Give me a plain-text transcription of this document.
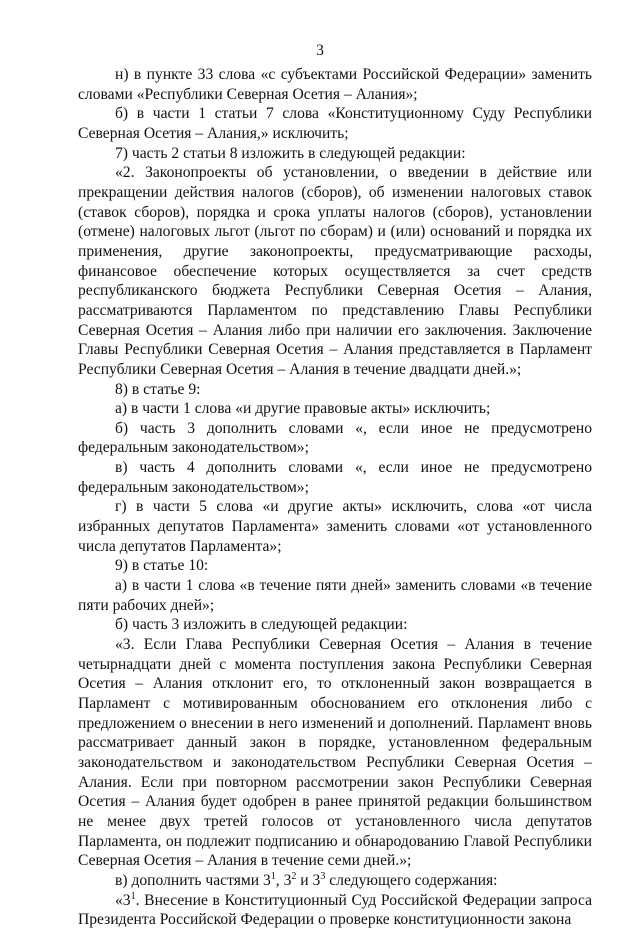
3

н) в пункте 33 слова «с субъектами Российской Федерации» заменить словами «Республики Северная Осетия – Алания»;

б) в части 1 статьи 7 слова «Конституционному Суду Республики Северная Осетия – Алания,» исключить;

7) часть 2 статьи 8 изложить в следующей редакции:

«2. Законопроекты об установлении, о введении в действие или прекращении действия налогов (сборов), об изменении налоговых ставок (ставок сборов), порядка и срока уплаты налогов (сборов), установлении (отмене) налоговых льгот (льгот по сборам) и (или) оснований и порядка их применения, другие законопроекты, предусматривающие расходы, финансовое обеспечение которых осуществляется за счет средств республиканского бюджета Республики Северная Осетия – Алания, рассматриваются Парламентом по представлению Главы Республики Северная Осетия – Алания либо при наличии его заключения. Заключение Главы Республики Северная Осетия – Алания представляется в Парламент Республики Северная Осетия – Алания в течение двадцати дней.»;

8) в статье 9:

а) в части 1 слова «и другие правовые акты» исключить;

б) часть 3 дополнить словами «, если иное не предусмотрено федеральным законодательством»;

в) часть 4 дополнить словами «, если иное не предусмотрено федеральным законодательством»;

г) в части 5 слова «и другие акты» исключить, слова «от числа избранных депутатов Парламента» заменить словами «от установленного числа депутатов Парламента»;

9) в статье 10:

а) в части 1 слова «в течение пяти дней» заменить словами «в течение пяти рабочих дней»;

б) часть 3 изложить в следующей редакции:

«3. Если Глава Республики Северная Осетия – Алания в течение четырнадцати дней с момента поступления закона Республики Северная Осетия – Алания отклонит его, то отклоненный закон возвращается в Парламент с мотивированным обоснованием его отклонения либо с предложением о внесении в него изменений и дополнений. Парламент вновь рассматривает данный закон в порядке, установленном федеральным законодательством и законодательством Республики Северная Осетия – Алания. Если при повторном рассмотрении закон Республики Северная Осетия – Алания будет одобрен в ранее принятой редакции большинством не менее двух третей голосов от установленного числа депутатов Парламента, он подлежит подписанию и обнародованию Главой Республики Северная Осетия – Алания в течение семи дней.»;

в) дополнить частями $3^1$, $3^2$ и $3^3$ следующего содержания:

«$3^1$. Внесение в Конституционный Суд Российской Федерации запроса Президента Российской Федерации о проверке конституционности закона
